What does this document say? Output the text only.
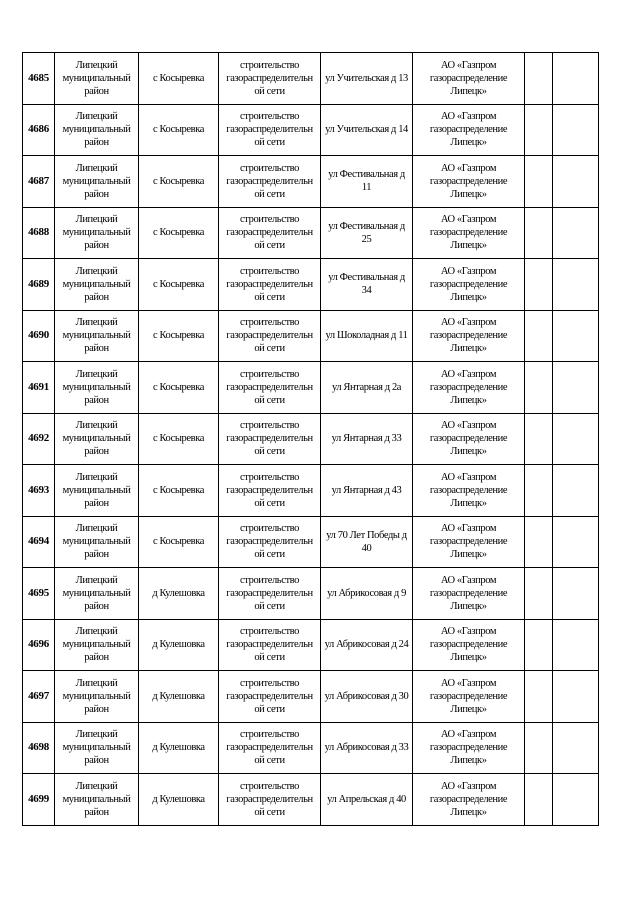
4685	Липецкий муниципальный район	с Косыревка	строительство газораспределительн ой сети	ул Учительская д 13	АО «Газпром газораспределение Липецк»		
4686	Липецкий муниципальный район	с Косыревка	строительство газораспределительн ой сети	ул Учительская д 14	АО «Газпром газораспределение Липецк»		
4687	Липецкий муниципальный район	с Косыревка	строительство газораспределительн ой сети	ул Фестивальная д 11	АО «Газпром газораспределение Липецк»		
4688	Липецкий муниципальный район	с Косыревка	строительство газораспределительн ой сети	ул Фестивальная д 25	АО «Газпром газораспределение Липецк»		
4689	Липецкий муниципальный район	с Косыревка	строительство газораспределительн ой сети	ул Фестивальная д 34	АО «Газпром газораспределение Липецк»		
4690	Липецкий муниципальный район	с Косыревка	строительство газораспределительн ой сети	ул Шоколадная д 11	АО «Газпром газораспределение Липецк»		
4691	Липецкий муниципальный район	с Косыревка	строительство газораспределительн ой сети	ул Янтарная д 2а	АО «Газпром газораспределение Липецк»		
4692	Липецкий муниципальный район	с Косыревка	строительство газораспределительн ой сети	ул Янтарная д 33	АО «Газпром газораспределение Липецк»		
4693	Липецкий муниципальный район	с Косыревка	строительство газораспределительн ой сети	ул Янтарная д 43	АО «Газпром газораспределение Липецк»		
4694	Липецкий муниципальный район	с Косыревка	строительство газораспределительн ой сети	ул 70 Лет Победы д 40	АО «Газпром газораспределение Липецк»		
4695	Липецкий муниципальный район	д Кулешовка	строительство газораспределительн ой сети	ул Абрикосовая д 9	АО «Газпром газораспределение Липецк»		
4696	Липецкий муниципальный район	д Кулешовка	строительство газораспределительн ой сети	ул Абрикосовая д 24	АО «Газпром газораспределение Липецк»		
4697	Липецкий муниципальный район	д Кулешовка	строительство газораспределительн ой сети	ул Абрикосовая д 30	АО «Газпром газораспределение Липецк»		
4698	Липецкий муниципальный район	д Кулешовка	строительство газораспределительн ой сети	ул Абрикосовая д 33	АО «Газпром газораспределение Липецк»		
4699	Липецкий муниципальный район	д Кулешовка	строительство газораспределительн ой сети	ул Апрельская д 40	АО «Газпром газораспределение Липецк»		
